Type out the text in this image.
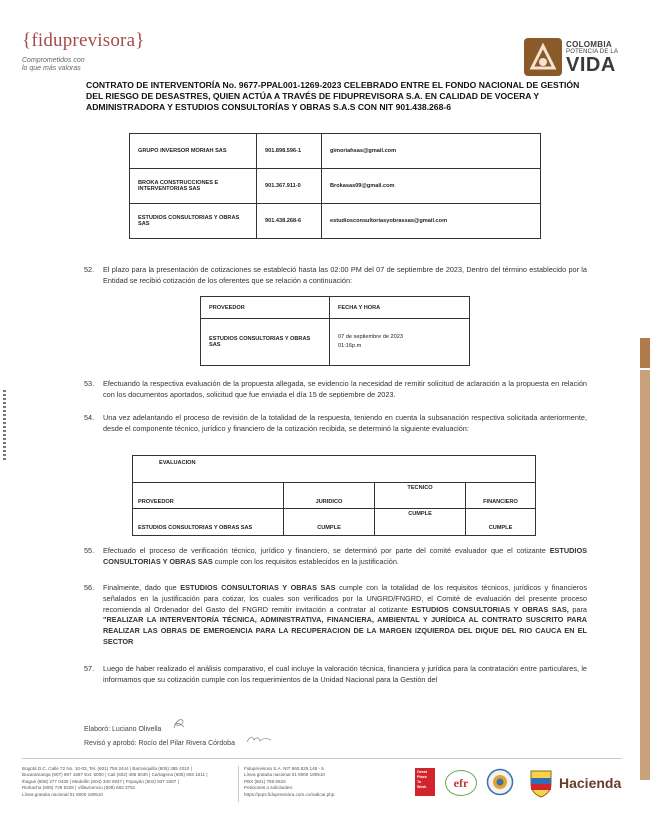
{fiduprevisora}
Comprometidos con
lo que más valoras
COLOMBIA
POTENCIA DE LA
VIDA
CONTRATO DE INTERVENTORÍA No. 9677-PPAL001-1269-2023 CELEBRADO ENTRE EL FONDO NACIONAL DE GESTIÓN DEL RIESGO DE DESASTRES, QUIEN ACTÚA A TRAVÉS DE FIDUPREVISORA S.A. EN CALIDAD DE VOCERA Y ADMINISTRADORA Y ESTUDIOS CONSULTORÍAS Y OBRAS S.A.S CON NIT 901.438.268-6
GRUPO INVERSOR MORIAH SAS	901.898.596-1	gimoriahsas@gmail.com
BROKA CONSTRUCCIONES E INTERVENTORIAS SAS	901.367.911-0	Brokasas09@gmail.com
ESTUDIOS CONSULTORIAS Y OBRAS SAS	901.438.268-6	estudiosconsultoriasyobrassas@gmail.com
52. El plazo para la presentación de cotizaciones se estableció hasta las 02:00 PM del 07 de septiembre de 2023, Dentro del término establecido por la Entidad se recibió cotización de los oferentes que se relación a continuación:
PROVEEDOR	FECHA Y HORA
ESTUDIOS CONSULTORIAS Y OBRAS SAS	07 de septiembre de 2023
01:16p.m
53. Efectuando la respectiva evaluación de la propuesta allegada, se evidencio la necesidad de remitir solicitud de aclaración a la propuesta en relación con los documentos aportados, solicitud que fue enviada el día 15 de septiembre de 2023.
54. Una vez adelantando el proceso de revisión de la totalidad de la respuesta, teniendo en cuenta la subsanación respectiva solicitada anteriormente, desde el componente técnico, jurídico y financiero de la cotización recibida, se determinó la siguiente evaluación:
EVALUACION			
PROVEEDOR	JURIDICO	TECNICO	FINANCIERO
ESTUDIOS CONSULTORIAS Y OBRAS SAS	CUMPLE	CUMPLE	CUMPLE
55. Efectuado el proceso de verificación técnico, jurídico y financiero, se determinó por parte del comité evaluador que el cotizante ESTUDIOS CONSULTORIAS Y OBRAS SAS cumple con los requisitos establecidos en la justificación.
56. Finalmente, dado que ESTUDIOS CONSULTORIAS Y OBRAS SAS cumple con la totalidad de los requisitos técnicos, jurídicos y financieros señalados en la justificación para cotizar, los cuales son verificados por la UNGRD/FNGRD, el Comité de evaluación del presente proceso recomienda al Ordenador del Gasto del FNGRD remitir invitación a contratar al cotizante ESTUDIOS CONSULTORIAS Y OBRAS SAS, para "REALIZAR LA INTERVENTORÍA TÉCNICA, ADMINISTRATIVA, FINANCIERA, AMBIENTAL Y JURÍDICA AL CONTRATO SUSCRITO PARA REALIZAR LAS OBRAS DE EMERGENCIA PARA LA RECUPERACION DE LA MARGEN IZQUIERDA DEL DIQUE DEL RIO CAUCA EN EL SECTOR
57. Luego de haber realizado el análisis comparativo, el cual incluye la valoración técnica, financiera y jurídica para la contratación entre particulares, le informamos que su cotización cumple con los requerimientos de la Unidad Nacional para la Gestión del
Elaboró: Luciano Olivella
Revisó y aprobó: Rocío del Pilar Rivera Córdoba
Bogotá D.C. Calle 72 No. 10-03, Tel. (601) 756 2444 | Barranquilla (605) 385 4010 |
Bucaramanga (607) 697 1697 Ext: 6000 | Cali (602) 485 5030 | Cartagena (605) 693 1611 |
Ibagué (608) 277 0430 | Medellín (604) 340 0937 | Popayán (602) 837 3387 |
Riohacha (605) 729 5328 | Villavicencio (608) 683 3751
Línea gratuita nacional 01 8000 180510
Fiduprevisora S.A. NIT 860.525.148 - 5
Línea gratuita nacional 01 8000 180510
PBX (601) 756 6633
Peticiones o solicitudes:
https://pqrs.fiduprevisora.com.co/radicar.php
Great
Place
To
Work	efr	Hacienda
